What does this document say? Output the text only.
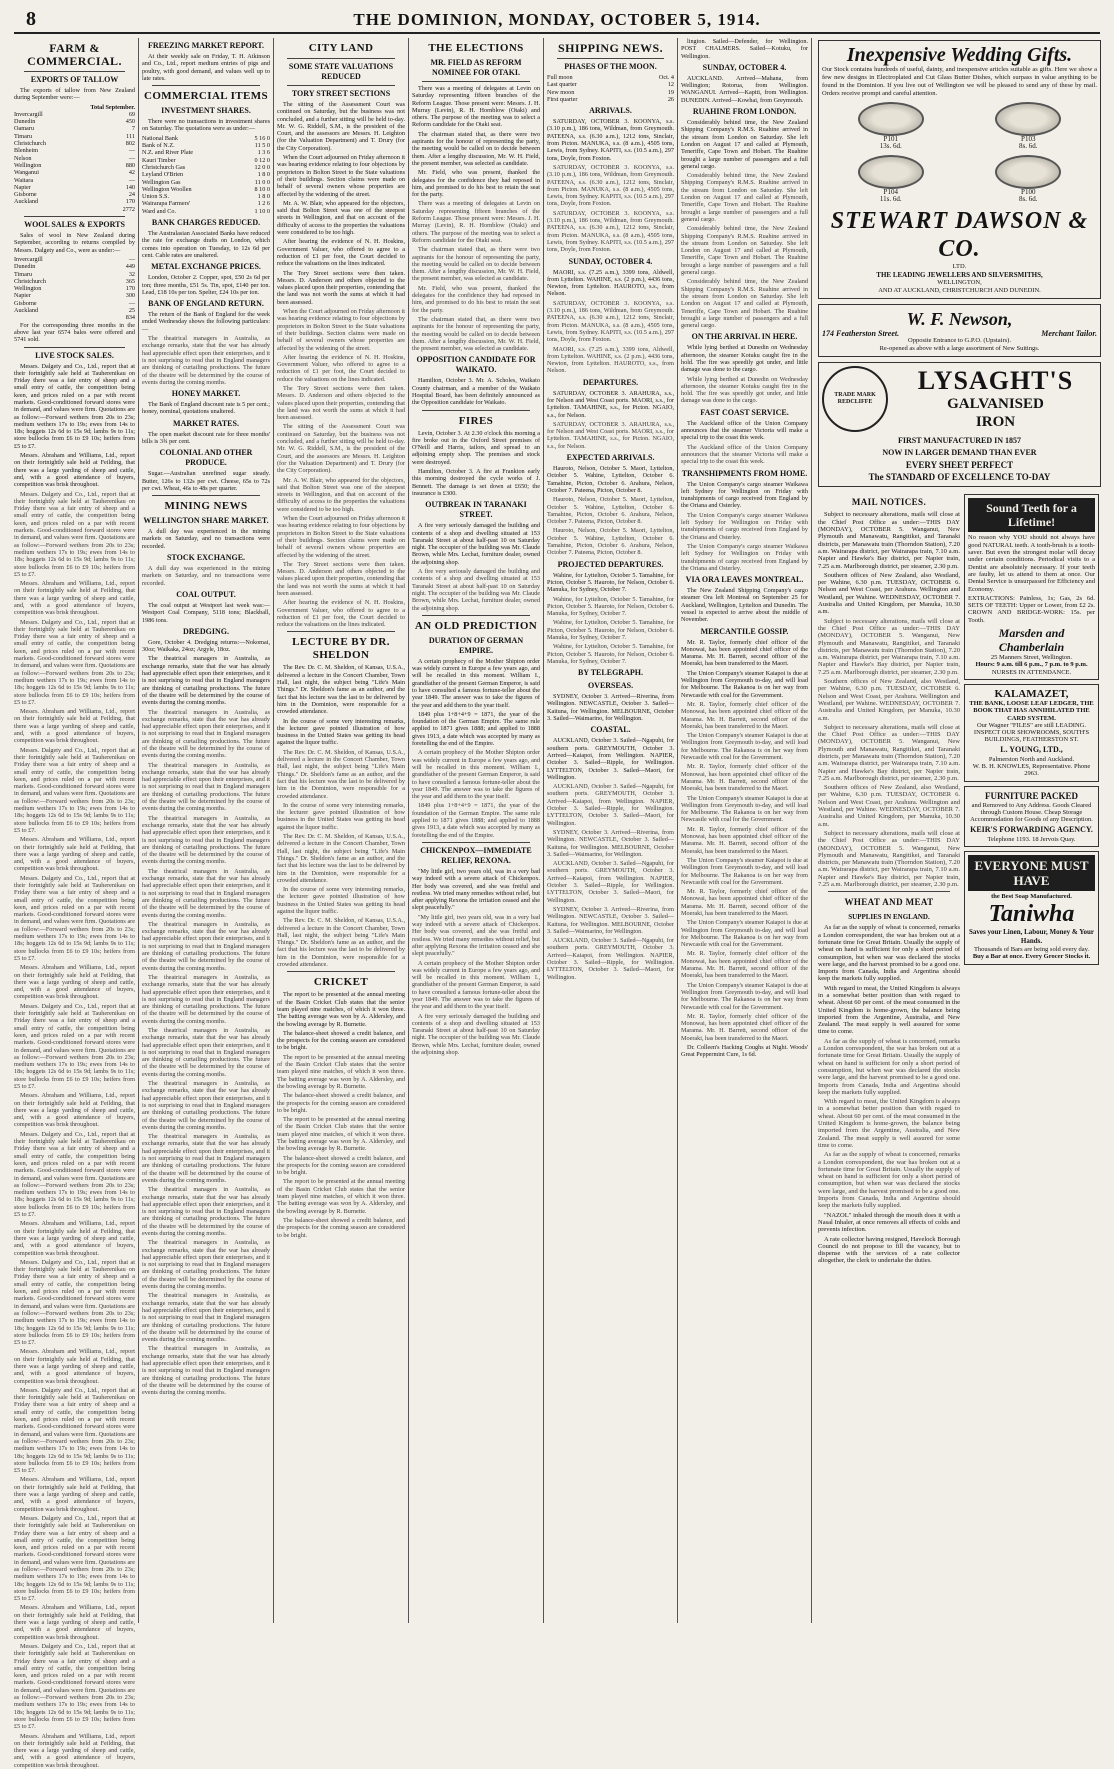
8	THE DOMINION, MONDAY, OCTOBER 5, 1914.
FARM & COMMERCIAL.
EXPORTS OF TALLOW

The exports of tallow from New Zealand during September were:—

Total September.
Invercargill	69
Dunedin	450
Oamaru	7
Timaru	111
Christchurch	802
Blenheim	—
Nelson	—
Wellington	880
Wanganui	42
Waitara	—
Napier	140
Gisborne	24
Auckland	170
2772
WOOL SALES & EXPORTS

Sales of wool in New Zealand during September, according to returns compiled by Messrs. Dalgety and Co., were as under:—

Invercargill	—
Dunedin	449
Timaru	32
Christchurch	365
Wellington	170
Napier	300
Gisborne	—
Auckland	25
834

For the corresponding three months in the above last year 6574 bales were offered and 5741 sold.

LIVE STOCK SALES.

Messrs. Dalgety and Co., Ltd., report that at their fortnightly sale held at Tauherenikau on Friday there was a fair entry of sheep and a small entry of cattle, the competition being keen, and prices ruled on a par with recent markets. Good-conditioned forward stores were in demand, and values were firm. Quotations are as follow:—Forward wethers from 20s to 23s; medium wethers 17s to 19s; ewes from 14s to 18s; hoggets 12s 6d to 15s 9d; lambs 9s to 11s; store bullocks from £6 to £9 10s; heifers from £5 to £7.

Messrs. Abraham and Williams, Ltd., report on their fortnightly sale held at Feilding, that there was a large yarding of sheep and cattle, and, with a good attendance of buyers, competition was brisk throughout.

Messrs. Dalgety and Co., Ltd., report that at their fortnightly sale held at Tauherenikau on Friday there was a fair entry of sheep and a small entry of cattle, the competition being keen, and prices ruled on a par with recent markets. Good-conditioned forward stores were in demand, and values were firm. Quotations are as follow:—Forward wethers from 20s to 23s; medium wethers 17s to 19s; ewes from 14s to 18s; hoggets 12s 6d to 15s 9d; lambs 9s to 11s; store bullocks from £6 to £9 10s; heifers from £5 to £7.

Messrs. Abraham and Williams, Ltd., report on their fortnightly sale held at Feilding, that there was a large yarding of sheep and cattle, and, with a good attendance of buyers, competition was brisk throughout.

Messrs. Dalgety and Co., Ltd., report that at their fortnightly sale held at Tauherenikau on Friday there was a fair entry of sheep and a small entry of cattle, the competition being keen, and prices ruled on a par with recent markets. Good-conditioned forward stores were in demand, and values were firm. Quotations are as follow:—Forward wethers from 20s to 23s; medium wethers 17s to 19s; ewes from 14s to 18s; hoggets 12s 6d to 15s 9d; lambs 9s to 11s; store bullocks from £6 to £9 10s; heifers from £5 to £7.

Messrs. Abraham and Williams, Ltd., report on their fortnightly sale held at Feilding, that there was a large yarding of sheep and cattle, and, with a good attendance of buyers, competition was brisk throughout.

Messrs. Dalgety and Co., Ltd., report that at their fortnightly sale held at Tauherenikau on Friday there was a fair entry of sheep and a small entry of cattle, the competition being keen, and prices ruled on a par with recent markets. Good-conditioned forward stores were in demand, and values were firm. Quotations are as follow:—Forward wethers from 20s to 23s; medium wethers 17s to 19s; ewes from 14s to 18s; hoggets 12s 6d to 15s 9d; lambs 9s to 11s; store bullocks from £6 to £9 10s; heifers from £5 to £7.

Messrs. Abraham and Williams, Ltd., report on their fortnightly sale held at Feilding, that there was a large yarding of sheep and cattle, and, with a good attendance of buyers, competition was brisk throughout.

Messrs. Dalgety and Co., Ltd., report that at their fortnightly sale held at Tauherenikau on Friday there was a fair entry of sheep and a small entry of cattle, the competition being keen, and prices ruled on a par with recent markets. Good-conditioned forward stores were in demand, and values were firm. Quotations are as follow:—Forward wethers from 20s to 23s; medium wethers 17s to 19s; ewes from 14s to 18s; hoggets 12s 6d to 15s 9d; lambs 9s to 11s; store bullocks from £6 to £9 10s; heifers from £5 to £7.

Messrs. Abraham and Williams, Ltd., report on their fortnightly sale held at Feilding, that there was a large yarding of sheep and cattle, and, with a good attendance of buyers, competition was brisk throughout.

Messrs. Dalgety and Co., Ltd., report that at their fortnightly sale held at Tauherenikau on Friday there was a fair entry of sheep and a small entry of cattle, the competition being keen, and prices ruled on a par with recent markets. Good-conditioned forward stores were in demand, and values were firm. Quotations are as follow:—Forward wethers from 20s to 23s; medium wethers 17s to 19s; ewes from 14s to 18s; hoggets 12s 6d to 15s 9d; lambs 9s to 11s; store bullocks from £6 to £9 10s; heifers from £5 to £7.

Messrs. Abraham and Williams, Ltd., report on their fortnightly sale held at Feilding, that there was a large yarding of sheep and cattle, and, with a good attendance of buyers, competition was brisk throughout.

Messrs. Dalgety and Co., Ltd., report that at their fortnightly sale held at Tauherenikau on Friday there was a fair entry of sheep and a small entry of cattle, the competition being keen, and prices ruled on a par with recent markets. Good-conditioned forward stores were in demand, and values were firm. Quotations are as follow:—Forward wethers from 20s to 23s; medium wethers 17s to 19s; ewes from 14s to 18s; hoggets 12s 6d to 15s 9d; lambs 9s to 11s; store bullocks from £6 to £9 10s; heifers from £5 to £7.

Messrs. Abraham and Williams, Ltd., report on their fortnightly sale held at Feilding, that there was a large yarding of sheep and cattle, and, with a good attendance of buyers, competition was brisk throughout.

Messrs. Dalgety and Co., Ltd., report that at their fortnightly sale held at Tauherenikau on Friday there was a fair entry of sheep and a small entry of cattle, the competition being keen, and prices ruled on a par with recent markets. Good-conditioned forward stores were in demand, and values were firm. Quotations are as follow:—Forward wethers from 20s to 23s; medium wethers 17s to 19s; ewes from 14s to 18s; hoggets 12s 6d to 15s 9d; lambs 9s to 11s; store bullocks from £6 to £9 10s; heifers from £5 to £7.

Messrs. Abraham and Williams, Ltd., report on their fortnightly sale held at Feilding, that there was a large yarding of sheep and cattle, and, with a good attendance of buyers, competition was brisk throughout.

Messrs. Dalgety and Co., Ltd., report that at their fortnightly sale held at Tauherenikau on Friday there was a fair entry of sheep and a small entry of cattle, the competition being keen, and prices ruled on a par with recent markets. Good-conditioned forward stores were in demand, and values were firm. Quotations are as follow:—Forward wethers from 20s to 23s; medium wethers 17s to 19s; ewes from 14s to 18s; hoggets 12s 6d to 15s 9d; lambs 9s to 11s; store bullocks from £6 to £9 10s; heifers from £5 to £7.

Messrs. Abraham and Williams, Ltd., report on their fortnightly sale held at Feilding, that there was a large yarding of sheep and cattle, and, with a good attendance of buyers, competition was brisk throughout.

Messrs. Dalgety and Co., Ltd., report that at their fortnightly sale held at Tauherenikau on Friday there was a fair entry of sheep and a small entry of cattle, the competition being keen, and prices ruled on a par with recent markets. Good-conditioned forward stores were in demand, and values were firm. Quotations are as follow:—Forward wethers from 20s to 23s; medium wethers 17s to 19s; ewes from 14s to 18s; hoggets 12s 6d to 15s 9d; lambs 9s to 11s; store bullocks from £6 to £9 10s; heifers from £5 to £7.

Messrs. Abraham and Williams, Ltd., report on their fortnightly sale held at Feilding, that there was a large yarding of sheep and cattle, and, with a good attendance of buyers, competition was brisk throughout.

Messrs. Dalgety and Co., Ltd., report that at their fortnightly sale held at Tauherenikau on Friday there was a fair entry of sheep and a small entry of cattle, the competition being keen, and prices ruled on a par with recent markets. Good-conditioned forward stores were in demand, and values were firm. Quotations are as follow:—Forward wethers from 20s to 23s; medium wethers 17s to 19s; ewes from 14s to 18s; hoggets 12s 6d to 15s 9d; lambs 9s to 11s; store bullocks from £6 to £9 10s; heifers from £5 to £7.

Messrs. Abraham and Williams, Ltd., report on their fortnightly sale held at Feilding, that there was a large yarding of sheep and cattle, and, with a good attendance of buyers, competition was brisk throughout.

FREEZING MARKET REPORT.

At their weekly sale on Friday, T. H. Atkinson and Co., Ltd., report medium entries of pigs and poultry, with good demand, and values well up to late rates.

COMMERCIAL ITEMS
INVESTMENT SHARES.

There were no transactions in investment shares on Saturday. The quotations were as under:—

National Bank	5 16 0
Bank of N.Z.	11 5 0
N.Z. and River Plate	1 3 6
Kauri Timber	0 12 0
Christchurch Gas	12 0 0
Leyland O'Brien	1 8 0
Wellington Gas	11 0 0
Wellington Woollen	8 10 0
Union S.S.	1 8 0
Wairarapa Farmers'	1 2 6
Ward and Co.	1 10 0
BANK CHARGES REDUCED.

The Australasian Associated Banks have reduced the rate for exchange drafts on London, which comes into operation on Tuesday, to 12s 6d per cent. Cable rates are unaltered.

METAL EXCHANGE PRICES.

London, October 2. Copper, spot, £50 2s 6d per ton; three months, £51 5s. Tin, spot, £140 per ton. Lead, £18 10s per ton. Spelter, £24 10s per ton.

BANK OF ENGLAND RETURN.

The return of the Bank of England for the week ended Wednesday shows the following particulars:—

The theatrical managers in Australia, as exchange remarks, state that the war has already had appreciable effect upon their enterprises, and it is not surprising to read that in England managers are thinking of curtailing productions. The future of the theatre will be determined by the course of events during the coming months.

HONEY MARKET.

The Bank of England discount rate is 5 per cent.; honey, nominal, quotations unaltered.

MARKET RATES.

The open market discount rate for three months' bills is 3¾ per cent.

COLONIAL AND OTHER PRODUCE.

Sugar.—Australian unrefined sugar steady. Butter, 126s to 132s per cwt. Cheese, 65s to 72s per cwt. Wheat, 46s to 48s per quarter.

MINING NEWS
WELLINGTON SHARE MARKET.

A dull day was experienced in the mining markets on Saturday, and no transactions were recorded.

STOCK EXCHANGE.

A dull day was experienced in the mining markets on Saturday, and no transactions were recorded.

COAL OUTPUT.

The coal output at Westport last week was:—Westport Coal Company, 5118 tons; Blackball, 1986 tons.

DREDGING.

Gore, October 4. Dredging returns:—Nokomai, 30oz; Waikaka, 24oz; Argyle, 18oz.

The theatrical managers in Australia, as exchange remarks, state that the war has already had appreciable effect upon their enterprises, and it is not surprising to read that in England managers are thinking of curtailing productions. The future of the theatre will be determined by the course of events during the coming months.

The theatrical managers in Australia, as exchange remarks, state that the war has already had appreciable effect upon their enterprises, and it is not surprising to read that in England managers are thinking of curtailing productions. The future of the theatre will be determined by the course of events during the coming months.

The theatrical managers in Australia, as exchange remarks, state that the war has already had appreciable effect upon their enterprises, and it is not surprising to read that in England managers are thinking of curtailing productions. The future of the theatre will be determined by the course of events during the coming months.

The theatrical managers in Australia, as exchange remarks, state that the war has already had appreciable effect upon their enterprises, and it is not surprising to read that in England managers are thinking of curtailing productions. The future of the theatre will be determined by the course of events during the coming months.

The theatrical managers in Australia, as exchange remarks, state that the war has already had appreciable effect upon their enterprises, and it is not surprising to read that in England managers are thinking of curtailing productions. The future of the theatre will be determined by the course of events during the coming months.

The theatrical managers in Australia, as exchange remarks, state that the war has already had appreciable effect upon their enterprises, and it is not surprising to read that in England managers are thinking of curtailing productions. The future of the theatre will be determined by the course of events during the coming months.

The theatrical managers in Australia, as exchange remarks, state that the war has already had appreciable effect upon their enterprises, and it is not surprising to read that in England managers are thinking of curtailing productions. The future of the theatre will be determined by the course of events during the coming months.

The theatrical managers in Australia, as exchange remarks, state that the war has already had appreciable effect upon their enterprises, and it is not surprising to read that in England managers are thinking of curtailing productions. The future of the theatre will be determined by the course of events during the coming months.

The theatrical managers in Australia, as exchange remarks, state that the war has already had appreciable effect upon their enterprises, and it is not surprising to read that in England managers are thinking of curtailing productions. The future of the theatre will be determined by the course of events during the coming months.

The theatrical managers in Australia, as exchange remarks, state that the war has already had appreciable effect upon their enterprises, and it is not surprising to read that in England managers are thinking of curtailing productions. The future of the theatre will be determined by the course of events during the coming months.

The theatrical managers in Australia, as exchange remarks, state that the war has already had appreciable effect upon their enterprises, and it is not surprising to read that in England managers are thinking of curtailing productions. The future of the theatre will be determined by the course of events during the coming months.

The theatrical managers in Australia, as exchange remarks, state that the war has already had appreciable effect upon their enterprises, and it is not surprising to read that in England managers are thinking of curtailing productions. The future of the theatre will be determined by the course of events during the coming months.

The theatrical managers in Australia, as exchange remarks, state that the war has already had appreciable effect upon their enterprises, and it is not surprising to read that in England managers are thinking of curtailing productions. The future of the theatre will be determined by the course of events during the coming months.

The theatrical managers in Australia, as exchange remarks, state that the war has already had appreciable effect upon their enterprises, and it is not surprising to read that in England managers are thinking of curtailing productions. The future of the theatre will be determined by the course of events during the coming months.

CITY LAND
SOME STATE VALUATIONS REDUCED
TORY STREET SECTIONS

The sitting of the Assessment Court was continued on Saturday, but the business was not concluded, and a further sitting will be held to-day. Mr. W. G. Riddell, S.M., is the president of the Court, and the assessors are Messrs. H. Leighton (for the Valuation Department) and T. Drury (for the City Corporation).

When the Court adjourned on Friday afternoon it was hearing evidence relating to four objections by proprietors in Bolton Street to the State valuations of their buildings. Section claims were made on behalf of several owners whose properties are affected by the widening of the street.

Mr. A. W. Blair, who appeared for the objectors, said that Bolton Street was one of the steepest streets in Wellington, and that on account of the difficulty of access to the properties the valuations were considered to be too high.

After hearing the evidence of N. H. Hoskins, Government Valuer, who offered to agree to a reduction of £1 per foot, the Court decided to reduce the valuations on the lines indicated.

The Tory Street sections were then taken. Messrs. D. Anderson and others objected to the values placed upon their properties, contending that the land was not worth the sums at which it had been assessed.

When the Court adjourned on Friday afternoon it was hearing evidence relating to four objections by proprietors in Bolton Street to the State valuations of their buildings. Section claims were made on behalf of several owners whose properties are affected by the widening of the street.

After hearing the evidence of N. H. Hoskins, Government Valuer, who offered to agree to a reduction of £1 per foot, the Court decided to reduce the valuations on the lines indicated.

The Tory Street sections were then taken. Messrs. D. Anderson and others objected to the values placed upon their properties, contending that the land was not worth the sums at which it had been assessed.

The sitting of the Assessment Court was continued on Saturday, but the business was not concluded, and a further sitting will be held to-day. Mr. W. G. Riddell, S.M., is the president of the Court, and the assessors are Messrs. H. Leighton (for the Valuation Department) and T. Drury (for the City Corporation).

Mr. A. W. Blair, who appeared for the objectors, said that Bolton Street was one of the steepest streets in Wellington, and that on account of the difficulty of access to the properties the valuations were considered to be too high.

When the Court adjourned on Friday afternoon it was hearing evidence relating to four objections by proprietors in Bolton Street to the State valuations of their buildings. Section claims were made on behalf of several owners whose properties are affected by the widening of the street.

The Tory Street sections were then taken. Messrs. D. Anderson and others objected to the values placed upon their properties, contending that the land was not worth the sums at which it had been assessed.

After hearing the evidence of N. H. Hoskins, Government Valuer, who offered to agree to a reduction of £1 per foot, the Court decided to reduce the valuations on the lines indicated.

LECTURE BY DR. SHELDON

The Rev. Dr. C. M. Sheldon, of Kansas, U.S.A., delivered a lecture in the Concert Chamber, Town Hall, last night, the subject being "Life's Main Things." Dr. Sheldon's fame as an author, and the fact that his lecture was the last to be delivered by him in the Dominion, were responsible for a crowded attendance.

In the course of some very interesting remarks, the lecturer gave pointed illustration of how business in the United States was getting its head against the liquor traffic.

The Rev. Dr. C. M. Sheldon, of Kansas, U.S.A., delivered a lecture in the Concert Chamber, Town Hall, last night, the subject being "Life's Main Things." Dr. Sheldon's fame as an author, and the fact that his lecture was the last to be delivered by him in the Dominion, were responsible for a crowded attendance.

In the course of some very interesting remarks, the lecturer gave pointed illustration of how business in the United States was getting its head against the liquor traffic.

The Rev. Dr. C. M. Sheldon, of Kansas, U.S.A., delivered a lecture in the Concert Chamber, Town Hall, last night, the subject being "Life's Main Things." Dr. Sheldon's fame as an author, and the fact that his lecture was the last to be delivered by him in the Dominion, were responsible for a crowded attendance.

In the course of some very interesting remarks, the lecturer gave pointed illustration of how business in the United States was getting its head against the liquor traffic.

The Rev. Dr. C. M. Sheldon, of Kansas, U.S.A., delivered a lecture in the Concert Chamber, Town Hall, last night, the subject being "Life's Main Things." Dr. Sheldon's fame as an author, and the fact that his lecture was the last to be delivered by him in the Dominion, were responsible for a crowded attendance.

CRICKET

The report to be presented at the annual meeting of the Basin Cricket Club states that the senior team played nine matches, of which it won three. The batting average was won by A. Aldersley, and the bowling average by R. Burnette.

The balance-sheet showed a credit balance, and the prospects for the coming season are considered to be bright.

The report to be presented at the annual meeting of the Basin Cricket Club states that the senior team played nine matches, of which it won three. The batting average was won by A. Aldersley, and the bowling average by R. Burnette.

The balance-sheet showed a credit balance, and the prospects for the coming season are considered to be bright.

The report to be presented at the annual meeting of the Basin Cricket Club states that the senior team played nine matches, of which it won three. The batting average was won by A. Aldersley, and the bowling average by R. Burnette.

The balance-sheet showed a credit balance, and the prospects for the coming season are considered to be bright.

The report to be presented at the annual meeting of the Basin Cricket Club states that the senior team played nine matches, of which it won three. The batting average was won by A. Aldersley, and the bowling average by R. Burnette.

The balance-sheet showed a credit balance, and the prospects for the coming season are considered to be bright.

THE ELECTIONS
MR. FIELD AS REFORM NOMINEE FOR OTAKI.

There was a meeting of delegates at Levin on Saturday representing fifteen branches of the Reform League. Those present were: Messrs. J. H. Murray (Levin), R. H. Hornblow (Otaki) and others. The purpose of the meeting was to select a Reform candidate for the Otaki seat.

The chairman stated that, as there were two aspirants for the honour of representing the party, the meeting would be called on to decide between them. After a lengthy discussion, Mr. W. H. Field, the present member, was selected as candidate.

Mr. Field, who was present, thanked the delegates for the confidence they had reposed in him, and promised to do his best to retain the seat for the party.

There was a meeting of delegates at Levin on Saturday representing fifteen branches of the Reform League. Those present were: Messrs. J. H. Murray (Levin), R. H. Hornblow (Otaki) and others. The purpose of the meeting was to select a Reform candidate for the Otaki seat.

The chairman stated that, as there were two aspirants for the honour of representing the party, the meeting would be called on to decide between them. After a lengthy discussion, Mr. W. H. Field, the present member, was selected as candidate.

Mr. Field, who was present, thanked the delegates for the confidence they had reposed in him, and promised to do his best to retain the seat for the party.

The chairman stated that, as there were two aspirants for the honour of representing the party, the meeting would be called on to decide between them. After a lengthy discussion, Mr. W. H. Field, the present member, was selected as candidate.

OPPOSITION CANDIDATE FOR WAIKATO.

Hamilton, October 3. Mr. A. Scholes, Waikato County chairman, and a member of the Waikato Hospital Board, has been definitely announced as the Opposition candidate for Waikato.

FIRES

Levin, October 3. At 2.30 o'clock this morning a fire broke out in the Oxford Street premises of O'Neill and Harris, tailors, and spread to an adjoining empty shop. The premises and stock were destroyed.

Hamilton, October 3. A fire at Frankton early this morning destroyed the cycle works of J. Bennett. The damage is set down at £650; the insurance is £300.

OUTBREAK IN TARANAKI STREET.

A fire very seriously damaged the building and contents of a shop and dwelling situated at 153 Taranaki Street at about half-past 10 on Saturday night. The occupier of the building was Mr. Claude Brown, while Mrs. Lechat, furniture dealer, owned the adjoining shop.

A fire very seriously damaged the building and contents of a shop and dwelling situated at 153 Taranaki Street at about half-past 10 on Saturday night. The occupier of the building was Mr. Claude Brown, while Mrs. Lechat, furniture dealer, owned the adjoining shop.

AN OLD PREDICTION
DURATION OF GERMAN EMPIRE.

A certain prophecy of the Mother Shipton order was widely current in Europe a few years ago, and will be recalled in this moment. William I., grandfather of the present German Emperor, is said to have consulted a famous fortune-teller about the year 1849. The answer was to take the figures of the year and add them to the year itself.

1849 plus 1+8+4+9 = 1871, the year of the foundation of the German Empire. The same rule applied to 1871 gives 1888; and applied to 1888 gives 1913, a date which was accepted by many as foretelling the end of the Empire.

A certain prophecy of the Mother Shipton order was widely current in Europe a few years ago, and will be recalled in this moment. William I., grandfather of the present German Emperor, is said to have consulted a famous fortune-teller about the year 1849. The answer was to take the figures of the year and add them to the year itself.

1849 plus 1+8+4+9 = 1871, the year of the foundation of the German Empire. The same rule applied to 1871 gives 1888; and applied to 1888 gives 1913, a date which was accepted by many as foretelling the end of the Empire.

CHICKENPOX—IMMEDIATE RELIEF, REXONA.

"My little girl, two years old, was in a very bad way indeed with a severe attack of Chickenpox. Her body was covered, and she was fretful and restless. We tried many remedies without relief, but after applying Rexona the irritation ceased and she slept peacefully."

"My little girl, two years old, was in a very bad way indeed with a severe attack of Chickenpox. Her body was covered, and she was fretful and restless. We tried many remedies without relief, but after applying Rexona the irritation ceased and she slept peacefully."

A certain prophecy of the Mother Shipton order was widely current in Europe a few years ago, and will be recalled in this moment. William I., grandfather of the present German Emperor, is said to have consulted a famous fortune-teller about the year 1849. The answer was to take the figures of the year and add them to the year itself.

A fire very seriously damaged the building and contents of a shop and dwelling situated at 153 Taranaki Street at about half-past 10 on Saturday night. The occupier of the building was Mr. Claude Brown, while Mrs. Lechat, furniture dealer, owned the adjoining shop.

SHIPPING NEWS.
PHASES OF THE MOON.
Full moon	Oct. 4
Last quarter	12
New moon	19
First quarter	26
ARRIVALS.

SATURDAY, OCTOBER 3. KOONYA, s.s. (3.10 p.m.), 186 tons, Wildman, from Greymouth. PATEENA, s.s. (6.30 a.m.), 1212 tons, Sinclair, from Picton. MANUKA, s.s. (8 a.m.), 4505 tons, Lewis, from Sydney. KAPITI, s.s. (10.5 a.m.), 297 tons, Doyle, from Foxton.

SATURDAY, OCTOBER 3. KOONYA, s.s. (3.10 p.m.), 186 tons, Wildman, from Greymouth. PATEENA, s.s. (6.30 a.m.), 1212 tons, Sinclair, from Picton. MANUKA, s.s. (8 a.m.), 4505 tons, Lewis, from Sydney. KAPITI, s.s. (10.5 a.m.), 297 tons, Doyle, from Foxton.

SATURDAY, OCTOBER 3. KOONYA, s.s. (3.10 p.m.), 186 tons, Wildman, from Greymouth. PATEENA, s.s. (6.30 a.m.), 1212 tons, Sinclair, from Picton. MANUKA, s.s. (8 a.m.), 4505 tons, Lewis, from Sydney. KAPITI, s.s. (10.5 a.m.), 297 tons, Doyle, from Foxton.

SUNDAY, OCTOBER 4.

MAORI, s.s. (7.25 a.m.), 3399 tons, Aldwell, from Lyttelton. WAHINE, s.s. (2 p.m.), 4436 tons, Newton, from Lyttelton. HAUROTO, s.s., from Nelson.

SATURDAY, OCTOBER 3. KOONYA, s.s. (3.10 p.m.), 186 tons, Wildman, from Greymouth. PATEENA, s.s. (6.30 a.m.), 1212 tons, Sinclair, from Picton. MANUKA, s.s. (8 a.m.), 4505 tons, Lewis, from Sydney. KAPITI, s.s. (10.5 a.m.), 297 tons, Doyle, from Foxton.

MAORI, s.s. (7.25 a.m.), 3399 tons, Aldwell, from Lyttelton. WAHINE, s.s. (2 p.m.), 4436 tons, Newton, from Lyttelton. HAUROTO, s.s., from Nelson.

DEPARTURES.

SATURDAY, OCTOBER 3. ARAHURA, s.s., for Nelson and West Coast ports. MAORI, s.s., for Lyttelton. TAMAHINE, s.s., for Picton. NGAIO, s.s., for Nelson.

SATURDAY, OCTOBER 3. ARAHURA, s.s., for Nelson and West Coast ports. MAORI, s.s., for Lyttelton. TAMAHINE, s.s., for Picton. NGAIO, s.s., for Nelson.

EXPECTED ARRIVALS.

Hauroto, Nelson, October 5. Maori, Lyttelton, October 5. Wahine, Lyttelton, October 6. Tamahine, Picton, October 6. Arahura, Nelson, October 7. Pateena, Picton, October 8.

Hauroto, Nelson, October 5. Maori, Lyttelton, October 5. Wahine, Lyttelton, October 6. Tamahine, Picton, October 6. Arahura, Nelson, October 7. Pateena, Picton, October 8.

Hauroto, Nelson, October 5. Maori, Lyttelton, October 5. Wahine, Lyttelton, October 6. Tamahine, Picton, October 6. Arahura, Nelson, October 7. Pateena, Picton, October 8.

PROJECTED DEPARTURES.

Wahine, for Lyttelton, October 5. Tamahine, for Picton, October 5. Hauroto, for Nelson, October 6. Manuka, for Sydney, October 7.

Wahine, for Lyttelton, October 5. Tamahine, for Picton, October 5. Hauroto, for Nelson, October 6. Manuka, for Sydney, October 7.

Wahine, for Lyttelton, October 5. Tamahine, for Picton, October 5. Hauroto, for Nelson, October 6. Manuka, for Sydney, October 7.

Wahine, for Lyttelton, October 5. Tamahine, for Picton, October 5. Hauroto, for Nelson, October 6. Manuka, for Sydney, October 7.

BY TELEGRAPH.
OVERSEAS.

SYDNEY, October 3. Arrived—Riverina, from Wellington. NEWCASTLE, October 3. Sailed—Kaituna, for Wellington. MELBOURNE, October 3. Sailed—Waimarino, for Wellington.

COASTAL.

AUCKLAND, October 3. Sailed—Ngapuhi, for southern ports. GREYMOUTH, October 3. Arrived—Kaiapoi, from Wellington. NAPIER, October 3. Sailed—Ripple, for Wellington. LYTTELTON, October 3. Sailed—Maori, for Wellington.

AUCKLAND, October 3. Sailed—Ngapuhi, for southern ports. GREYMOUTH, October 3. Arrived—Kaiapoi, from Wellington. NAPIER, October 3. Sailed—Ripple, for Wellington. LYTTELTON, October 3. Sailed—Maori, for Wellington.

SYDNEY, October 3. Arrived—Riverina, from Wellington. NEWCASTLE, October 3. Sailed—Kaituna, for Wellington. MELBOURNE, October 3. Sailed—Waimarino, for Wellington.

AUCKLAND, October 3. Sailed—Ngapuhi, for southern ports. GREYMOUTH, October 3. Arrived—Kaiapoi, from Wellington. NAPIER, October 3. Sailed—Ripple, for Wellington. LYTTELTON, October 3. Sailed—Maori, for Wellington.

SYDNEY, October 3. Arrived—Riverina, from Wellington. NEWCASTLE, October 3. Sailed—Kaituna, for Wellington. MELBOURNE, October 3. Sailed—Waimarino, for Wellington.

AUCKLAND, October 3. Sailed—Ngapuhi, for southern ports. GREYMOUTH, October 3. Arrived—Kaiapoi, from Wellington. NAPIER, October 3. Sailed—Ripple, for Wellington. LYTTELTON, October 3. Sailed—Maori, for Wellington.

lington. Sailed—Defender, for Wellington. POST CHALMERS. Sailed—Kotuku, for Wellington.

SUNDAY, OCTOBER 4.

AUCKLAND. Arrived—Mahana, from Wellington; Rotorua, from Wellington. WANGANUI. Arrived—Kapiti, from Wellington. DUNEDIN. Arrived—Kowhai, from Greymouth.

RUAHINE FROM LONDON.

Considerably behind time, the New Zealand Shipping Company's R.M.S. Ruahine arrived in the stream from London on Saturday. She left London on August 17 and called at Plymouth, Teneriffe, Cape Town and Hobart. The Ruahine brought a large number of passengers and a full general cargo.

Considerably behind time, the New Zealand Shipping Company's R.M.S. Ruahine arrived in the stream from London on Saturday. She left London on August 17 and called at Plymouth, Teneriffe, Cape Town and Hobart. The Ruahine brought a large number of passengers and a full general cargo.

Considerably behind time, the New Zealand Shipping Company's R.M.S. Ruahine arrived in the stream from London on Saturday. She left London on August 17 and called at Plymouth, Teneriffe, Cape Town and Hobart. The Ruahine brought a large number of passengers and a full general cargo.

Considerably behind time, the New Zealand Shipping Company's R.M.S. Ruahine arrived in the stream from London on Saturday. She left London on August 17 and called at Plymouth, Teneriffe, Cape Town and Hobart. The Ruahine brought a large number of passengers and a full general cargo.

ON THE ARRIVAL IN HERE.

While lying berthed at Dunedin on Wednesday afternoon, the steamer Kotuku caught fire in the hold. The fire was speedily got under, and little damage was done to the cargo.

While lying berthed at Dunedin on Wednesday afternoon, the steamer Kotuku caught fire in the hold. The fire was speedily got under, and little damage was done to the cargo.

FAST COAST SERVICE.

The Auckland office of the Union Company announces that the steamer Victoria will make a special trip to the coast this week.

The Auckland office of the Union Company announces that the steamer Victoria will make a special trip to the coast this week.

TRANSHIPMENTS FROM HOME.

The Union Company's cargo steamer Waikawa left Sydney for Wellington on Friday with transhipments of cargo received from England by the Oriana and Osterley.

The Union Company's cargo steamer Waikawa left Sydney for Wellington on Friday with transhipments of cargo received from England by the Oriana and Osterley.

The Union Company's cargo steamer Waikawa left Sydney for Wellington on Friday with transhipments of cargo received from England by the Oriana and Osterley.

VIA ORA LEAVES MONTREAL.

The New Zealand Shipping Company's cargo steamer Ora left Montreal on September 25 for Auckland, Wellington, Lyttelton and Dunedin. The vessel is expected to arrive about the middle of November.

MERCANTILE GOSSIP.

Mr. R. Taylor, formerly chief officer of the Monowai, has been appointed chief officer of the Marama. Mr. H. Barrett, second officer of the Moeraki, has been transferred to the Maori.

The Union Company's steamer Kaiapoi is due at Wellington from Greymouth to-day, and will load for Melbourne. The Rakanoa is on her way from Newcastle with coal for the Government.

Mr. R. Taylor, formerly chief officer of the Monowai, has been appointed chief officer of the Marama. Mr. H. Barrett, second officer of the Moeraki, has been transferred to the Maori.

The Union Company's steamer Kaiapoi is due at Wellington from Greymouth to-day, and will load for Melbourne. The Rakanoa is on her way from Newcastle with coal for the Government.

Mr. R. Taylor, formerly chief officer of the Monowai, has been appointed chief officer of the Marama. Mr. H. Barrett, second officer of the Moeraki, has been transferred to the Maori.

The Union Company's steamer Kaiapoi is due at Wellington from Greymouth to-day, and will load for Melbourne. The Rakanoa is on her way from Newcastle with coal for the Government.

Mr. R. Taylor, formerly chief officer of the Monowai, has been appointed chief officer of the Marama. Mr. H. Barrett, second officer of the Moeraki, has been transferred to the Maori.

The Union Company's steamer Kaiapoi is due at Wellington from Greymouth to-day, and will load for Melbourne. The Rakanoa is on her way from Newcastle with coal for the Government.

Mr. R. Taylor, formerly chief officer of the Monowai, has been appointed chief officer of the Marama. Mr. H. Barrett, second officer of the Moeraki, has been transferred to the Maori.

The Union Company's steamer Kaiapoi is due at Wellington from Greymouth to-day, and will load for Melbourne. The Rakanoa is on her way from Newcastle with coal for the Government.

Mr. R. Taylor, formerly chief officer of the Monowai, has been appointed chief officer of the Marama. Mr. H. Barrett, second officer of the Moeraki, has been transferred to the Maori.

The Union Company's steamer Kaiapoi is due at Wellington from Greymouth to-day, and will load for Melbourne. The Rakanoa is on her way from Newcastle with coal for the Government.

Mr. R. Taylor, formerly chief officer of the Monowai, has been appointed chief officer of the Marama. Mr. H. Barrett, second officer of the Moeraki, has been transferred to the Maori.

Dr. Colleen's Hacking Coughs at Night. Woods' Great Peppermint Cure, 1s 6d.

Inexpensive Wedding Gifts.
Our Stock contains hundreds of useful, dainty, and inexpensive articles suitable as gifts. Here we show a few new designs in Electroplated and Cut Glass Butter Dishes, which surpass in value anything to be found in the Dominion. If you live out of Wellington we will be pleased to send any of these by mail. Orders receive prompt and careful attention.
P101
13s. 6d.
P103
8s. 6d.
P104
11s. 6d.
P100
8s. 6d.
STEWART DAWSON & CO.
LTD.
THE LEADING JEWELLERS AND SILVERSMITHS,
WELLINGTON,
AND AT AUCKLAND, CHRISTCHURCH AND DUNEDIN.
W. F. Newson,
174 Featherston Street.	Merchant Tailor.
Opposite Entrance to G.P.O. (Upstairs).
Re-opened as above with a large assortment of New Suitings.
TRADE MARK
REDCLIFFE
LYSAGHT'S
GALVANISED
IRON
FIRST MANUFACTURED IN 1857
NOW IN LARGER DEMAND THAN EVER
EVERY SHEET PERFECT
The STANDARD OF EXCELLENCE TO-DAY
MAIL NOTICES.

Subject to necessary alterations, mails will close at the Chief Post Office as under:—THIS DAY (MONDAY), OCTOBER 5. Wanganui, New Plymouth and Manawatu, Rangitikei, and Taranaki districts, per Manawatu train (Thorndon Station), 7.20 a.m. Wairarapa district, per Wairarapa train, 7.10 a.m. Napier and Hawke's Bay district, per Napier train, 7.25 a.m. Marlborough district, per steamer, 2.30 p.m.

Southern offices of New Zealand, also Westland, per Wahine, 6.30 p.m. TUESDAY, OCTOBER 6. Nelson and West Coast, per Arahura. Wellington and Westland, per Wahine. WEDNESDAY, OCTOBER 7. Australia and United Kingdom, per Manuka, 10.30 a.m.

Subject to necessary alterations, mails will close at the Chief Post Office as under:—THIS DAY (MONDAY), OCTOBER 5. Wanganui, New Plymouth and Manawatu, Rangitikei, and Taranaki districts, per Manawatu train (Thorndon Station), 7.20 a.m. Wairarapa district, per Wairarapa train, 7.10 a.m. Napier and Hawke's Bay district, per Napier train, 7.25 a.m. Marlborough district, per steamer, 2.30 p.m.

Southern offices of New Zealand, also Westland, per Wahine, 6.30 p.m. TUESDAY, OCTOBER 6. Nelson and West Coast, per Arahura. Wellington and Westland, per Wahine. WEDNESDAY, OCTOBER 7. Australia and United Kingdom, per Manuka, 10.30 a.m.

Subject to necessary alterations, mails will close at the Chief Post Office as under:—THIS DAY (MONDAY), OCTOBER 5. Wanganui, New Plymouth and Manawatu, Rangitikei, and Taranaki districts, per Manawatu train (Thorndon Station), 7.20 a.m. Wairarapa district, per Wairarapa train, 7.10 a.m. Napier and Hawke's Bay district, per Napier train, 7.25 a.m. Marlborough district, per steamer, 2.30 p.m.

Southern offices of New Zealand, also Westland, per Wahine, 6.30 p.m. TUESDAY, OCTOBER 6. Nelson and West Coast, per Arahura. Wellington and Westland, per Wahine. WEDNESDAY, OCTOBER 7. Australia and United Kingdom, per Manuka, 10.30 a.m.

Subject to necessary alterations, mails will close at the Chief Post Office as under:—THIS DAY (MONDAY), OCTOBER 5. Wanganui, New Plymouth and Manawatu, Rangitikei, and Taranaki districts, per Manawatu train (Thorndon Station), 7.20 a.m. Wairarapa district, per Wairarapa train, 7.10 a.m. Napier and Hawke's Bay district, per Napier train, 7.25 a.m. Marlborough district, per steamer, 2.30 p.m.

WHEAT AND MEAT
SUPPLIES IN ENGLAND.

As far as the supply of wheat is concerned, remarks a London correspondent, the war has broken out at a fortunate time for Great Britain. Usually the supply of wheat on hand is sufficient for only a short period of consumption, but when war was declared the stocks were large, and the harvest promised to be a good one. Imports from Canada, India and Argentina should keep the markets fully supplied.

With regard to meat, the United Kingdom is always in a somewhat better position than with regard to wheat. About 60 per cent. of the meat consumed in the United Kingdom is home-grown, the balance being imported from the Argentine, Australia, and New Zealand. The meat supply is well assured for some time to come.

As far as the supply of wheat is concerned, remarks a London correspondent, the war has broken out at a fortunate time for Great Britain. Usually the supply of wheat on hand is sufficient for only a short period of consumption, but when war was declared the stocks were large, and the harvest promised to be a good one. Imports from Canada, India and Argentina should keep the markets fully supplied.

With regard to meat, the United Kingdom is always in a somewhat better position than with regard to wheat. About 60 per cent. of the meat consumed in the United Kingdom is home-grown, the balance being imported from the Argentine, Australia, and New Zealand. The meat supply is well assured for some time to come.

As far as the supply of wheat is concerned, remarks a London correspondent, the war has broken out at a fortunate time for Great Britain. Usually the supply of wheat on hand is sufficient for only a short period of consumption, but when war was declared the stocks were large, and the harvest promised to be a good one. Imports from Canada, India and Argentina should keep the markets fully supplied.

"NAZOL" inhaled through the mouth does it with a Nasal Inhaler, at once removes all effects of colds and prevents infection.

A rate collector having resigned, Havelock Borough Council do not propose to fill the vacancy, but to dispense with the services of a rate collector altogether, the clerk to undertake the duties.

Sound Teeth for a Lifetime!

No reason why YOU should not always have good NATURAL teeth. A tooth-brush is a tooth-saver. But even the strongest molar will decay under certain conditions. Periodical visits to a Dentist are absolutely necessary. If your teeth are faulty, let us attend to them at once. Our Dental Service is unsurpassed for Efficiency and Economy.

EXTRACTIONS: Painless, 1s; Gas, 2s 6d. SETS OF TEETH: Upper or Lower, from £2 2s. CROWN AND BRIDGE-WORK: 15s. per Tooth.

Marsden and Chamberlain
25 Manners Street, Wellington.
Hours: 9 a.m. till 6 p.m., 7 p.m. to 9 p.m.
NURSES IN ATTENDANCE.
KALAMAZET,
THE BANK, LOOSE LEAF LEDGER, THE BOOK THAT HAS ANNIHILATED THE CARD SYSTEM.
Our Wagner "FILES" are still LEADING. INSPECT OUR SHOWROOMS, SOUTH'S BUILDINGS, FEATHERSTON ST.
L. YOUNG, LTD.,
Palmerston North and Auckland.
W. B. H. KNOWLES, Representative. Phone 2963.
FURNITURE PACKED
and Removed to Any Address. Goods Cleared through Custom House. Cheap Storage Accommodation for Goods of any Description.
KEIR'S FORWARDING AGENCY.
Telephone 1193. 18 Jervois Quay.
EVERYONE MUST HAVE
the Best Soap Manufactured.
Taniwha
Saves your Linen, Labour, Money & Your Hands.
Thousands of Bars are being sold every day.
Buy a Bar at once. Every Grocer Stocks it.
